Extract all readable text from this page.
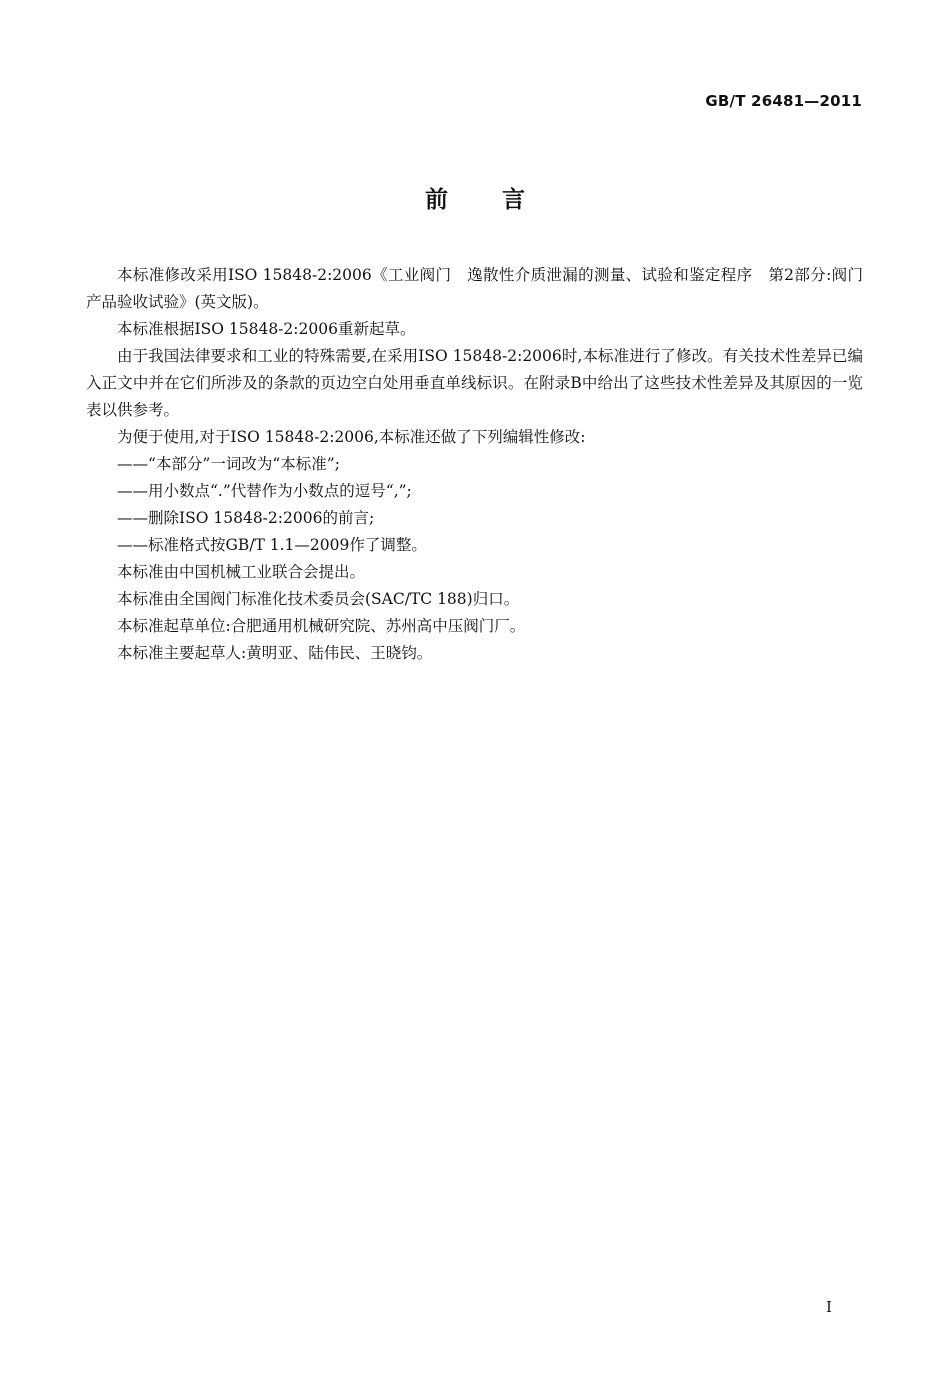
GB/T 26481—2011
前言

本标准修改采用ISO 15848-2:2006《工业阀门　逸散性介质泄漏的测量、试验和鉴定程序　第2部分:阀门产品验收试验》(英文版)。

本标准根据ISO 15848-2:2006重新起草。

由于我国法律要求和工业的特殊需要,在采用ISO 15848-2:2006时,本标准进行了修改。有关技术性差异已编入正文中并在它们所涉及的条款的页边空白处用垂直单线标识。在附录B中给出了这些技术性差异及其原因的一览表以供参考。

为便于使用,对于ISO 15848-2:2006,本标准还做了下列编辑性修改:

——“本部分”一词改为“本标准”;

——用小数点“.”代替作为小数点的逗号“,”;

——删除ISO 15848-2:2006的前言;

——标准格式按GB/T 1.1—2009作了调整。

本标准由中国机械工业联合会提出。

本标准由全国阀门标准化技术委员会(SAC/TC 188)归口。

本标准起草单位:合肥通用机械研究院、苏州高中压阀门厂。

本标准主要起草人:黄明亚、陆伟民、王晓钧。

I
